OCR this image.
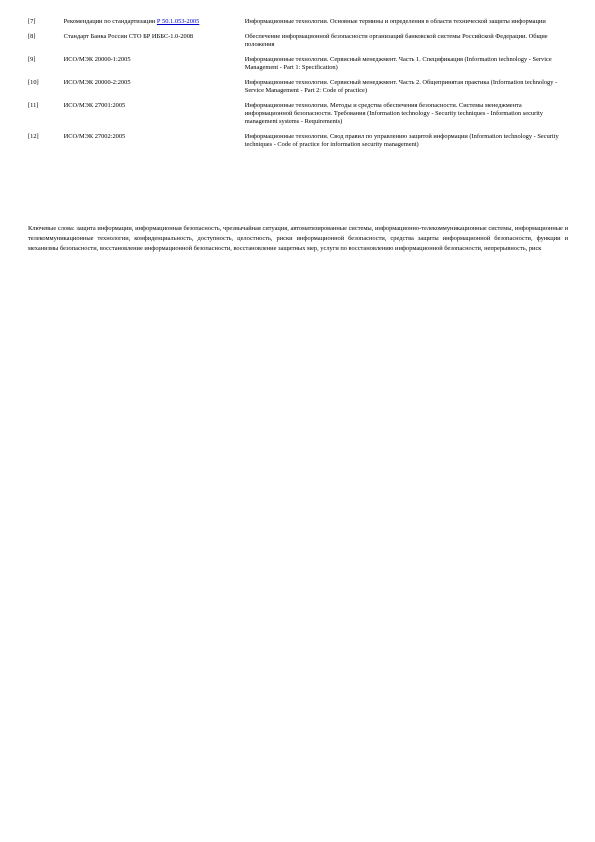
[7]	Рекомендации по стандартизации Р 50.1.053-2005	Информационные технологии. Основные термины и определения в области технической защиты информации
[8]	Стандарт Банка России СТО БР ИББС-1.0-2008	Обеспечение информационной безопасности организаций банковской системы Российской Федерации. Общие положения
[9]	ИСО/МЭК 20000-1:2005	Информационные технологии. Сервисный менеджмент. Часть 1. Спецификация (Information technology - Service Management - Part 1: Specification)
[10]	ИСО/МЭК 20000-2:2005	Информационные технологии. Сервисный менеджмент. Часть 2. Общепринятая практика (Information technology - Service Management - Part 2: Code of practice)
[11]	ИСО/МЭК 27001:2005	Информационные технологии. Методы и средства обеспечения безопасности. Системы менеджмента информационной безопасности. Требования (Information technology - Security techniques - Information security management systems - Requirements)
[12]	ИСО/МЭК 27002:2005	Информационные технологии. Свод правил по управлению защитой информации (Information technology - Security techniques - Code of practice for information security management)
Ключевые слова: защита информации, информационная безопасность, чрезвычайная ситуация, автоматизированные системы, информационно-телекоммуникационные системы, информационные и телекоммуникационные технологии, конфиденциальность, доступность, целостность, риски информационной безопасности, средства защиты информационной безопасности, функции и механизмы безопасности, восстановление информационной безопасности, восстановление защитных мер, услуги по восстановлению информационной безопасности, непрерывность, риск
